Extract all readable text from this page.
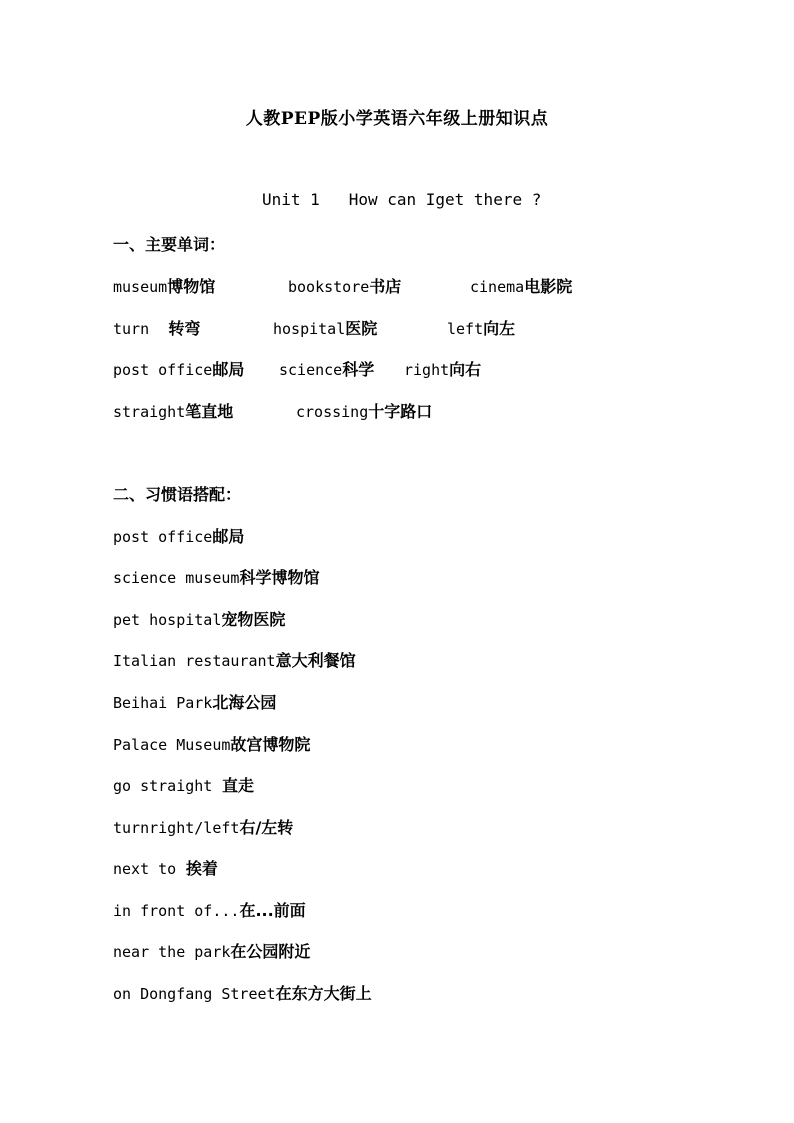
人教PEP版小学英语六年级上册知识点
Unit 1   How can Iget there ?
一、主要单词：
museum博物馆	bookstore书店	cinema电影院
turn 转弯	hospital医院	left向左
post office邮局 science科学 right向右
straight笔直地	crossing十字路口
二、习惯语搭配：
post office邮局
science museum科学博物馆
pet hospital宠物医院
Italian restaurant意大利餐馆
Beihai Park北海公园
Palace Museum故宫博物院
go straight 直走
turnright/left右/左转
next to 挨着
in front of...在...前面
near the park在公园附近
on Dongfang Street在东方大街上
